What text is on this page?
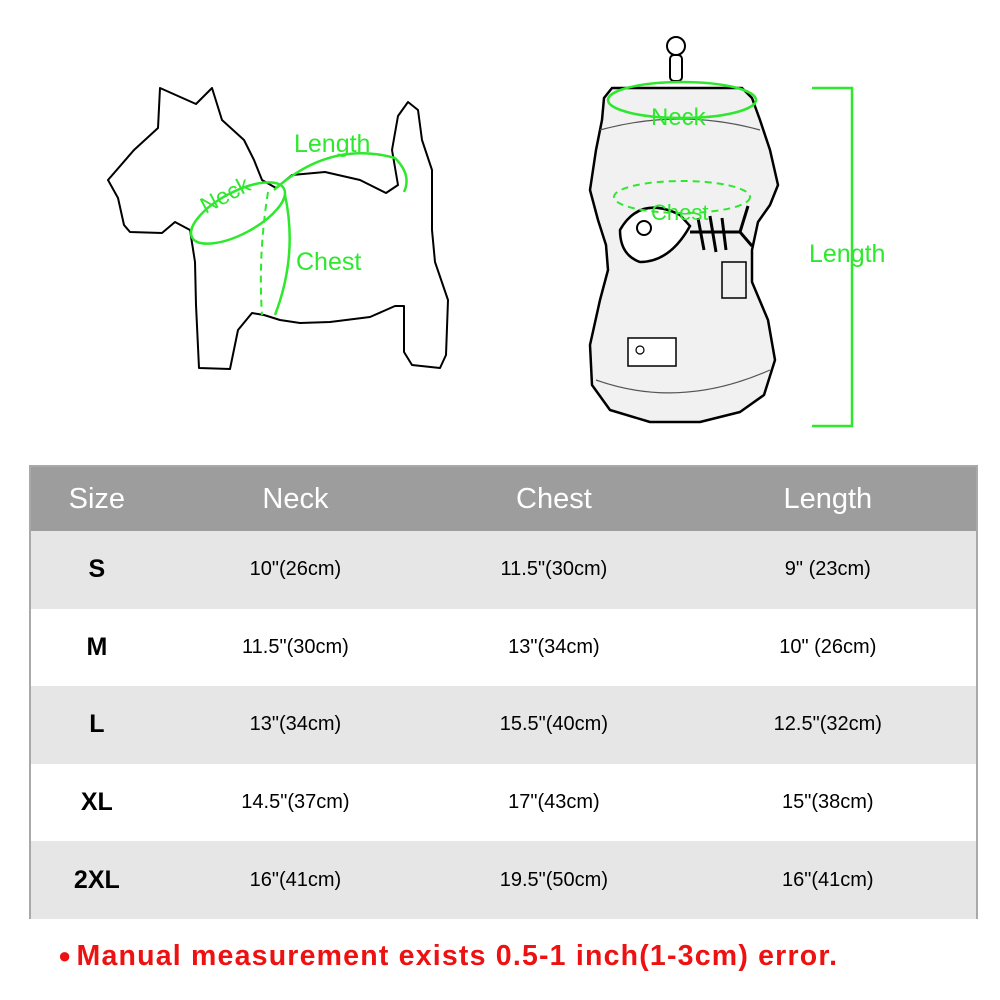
Length
Neck
Chest
Neck
Chest
Length
Size	Neck	Chest	Length
S	10"(26cm)	11.5"(30cm)	9" (23cm)
M	11.5"(30cm)	13"(34cm)	10" (26cm)
L	13"(34cm)	15.5"(40cm)	12.5"(32cm)
XL	14.5"(37cm)	17"(43cm)	15"(38cm)
2XL	16"(41cm)	19.5"(50cm)	16"(41cm)
● Manual measurement exists 0.5-1 inch(1-3cm) error.
